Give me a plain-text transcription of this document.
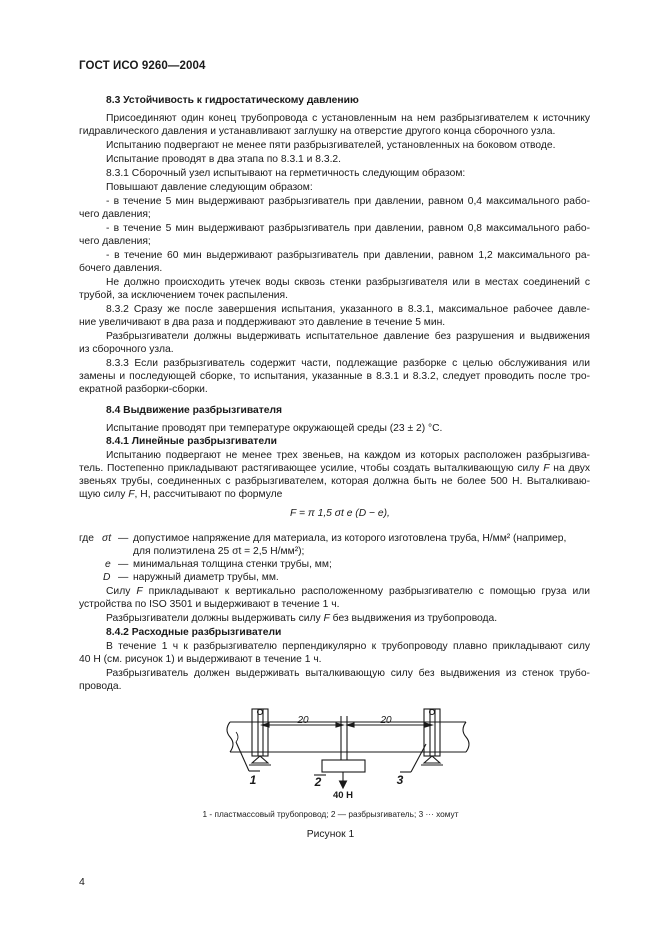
ГОСТ ИСО 9260—2004
8.3 Устойчивость к гидростатическому давлению
Присоединяют один конец трубопровода с установленным на нем разбрызгивателем к источнику
гидравлического давления и устанавливают заглушку на отверстие другого конца сборочного узла.
Испытанию подвергают не менее пяти разбрызгивателей, установленных на боковом отводе.
Испытание проводят в два этапа по 8.3.1 и 8.3.2.
8.3.1 Сборочный узел испытывают на герметичность следующим образом:
Повышают давление следующим образом:
- в течение 5 мин выдерживают разбрызгиватель при давлении, равном 0,4 максимального рабо-
чего давления;
- в течение 5 мин выдерживают разбрызгиватель при давлении, равном 0,8 максимального рабо-
чего давления;
- в течение 60 мин выдерживают разбрызгиватель при давлении, равном 1,2 максимального ра-
бочего давления.
Не должно происходить утечек воды сквозь стенки разбрызгивателя или в местах соединений с
трубой, за исключением точек распыления.
8.3.2 Сразу же после завершения испытания, указанного в 8.3.1, максимальное рабочее давле-
ние увеличивают в два раза и поддерживают это давление в течение 5 мин.
Разбрызгиватели должны выдерживать испытательное давление без разрушения и выдвижения
из сборочного узла.
8.3.3 Если разбрызгиватель содержит части, подлежащие разборке с целью обслуживания или
замены и последующей сборке, то испытания, указанные в 8.3.1 и 8.3.2, следует проводить после тро-
екратной разборки-сборки.
8.4 Выдвижение разбрызгивателя
Испытание проводят при температуре окружающей среды (23 ± 2) °С.
8.4.1 Линейные разбрызгиватели
Испытанию подвергают не менее трех звеньев, на каждом из которых расположен разбрызгива-
тель. Постепенно прикладывают растягивающее усилие, чтобы создать выталкивающую силу F на двух
звеньях трубы, соединенных с разбрызгивателем, которая должна быть не более 500 Н. Выталкиваю-
щую силу F, Н, рассчитывают по формуле
F = π 1,5 σt e (D − e),
где σt — допустимое напряжение для материала, из которого изготовлена труба, Н/мм² (например,
для полиэтилена 25 σt = 2,5 Н/мм²);
e — минимальная толщина стенки трубы, мм;
D — наружный диаметр трубы, мм.
Силу F прикладывают к вертикально расположенному разбрызгивателю с помощью груза или
устройства по ISO 3501 и выдерживают в течение 1 ч.
Разбрызгиватели должны выдерживать силу F без выдвижения из трубопровода.
8.4.2 Расходные разбрызгиватели
В течение 1 ч к разбрызгивателю перпендикулярно к трубопроводу плавно прикладывают силу
40 Н (см. рисунок 1) и выдерживают в течение 1 ч.
Разбрызгиватель должен выдерживать выталкивающую силу без выдвижения из стенок трубо-
провода.
20	20
1	2	3
40 Н
1 - пластмассовый трубопровод; 2 — разбрызгиватель; 3 ··· хомут
Рисунок 1
4
